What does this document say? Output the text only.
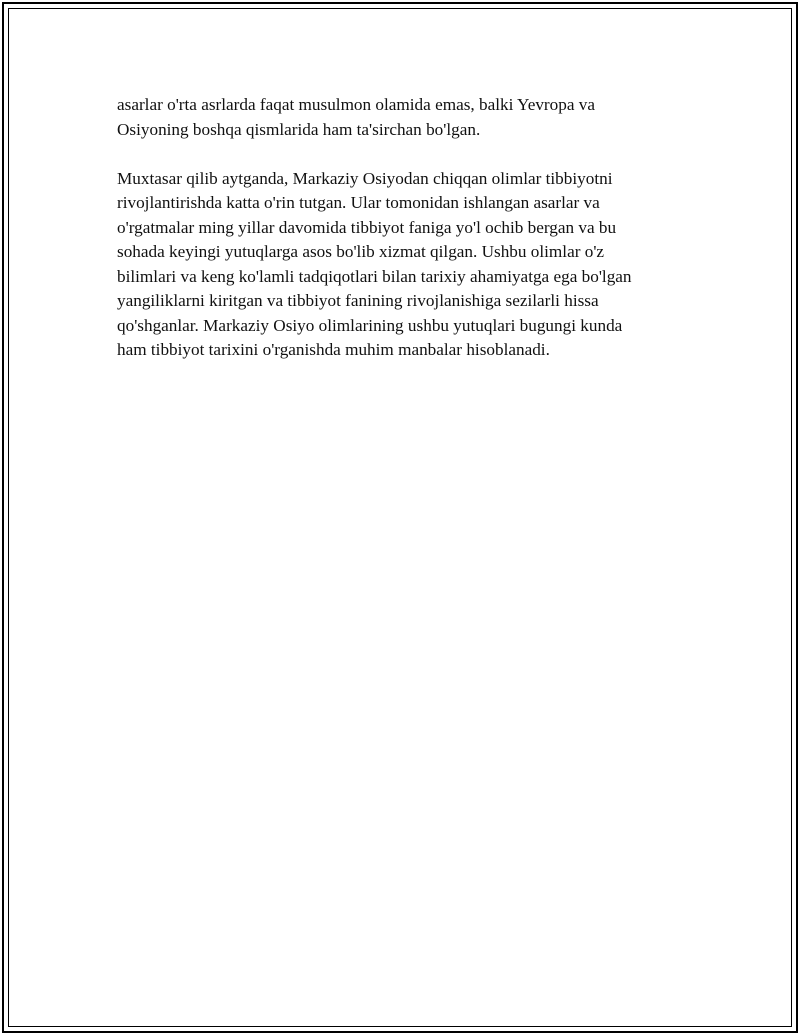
asarlar o'rta asrlarda faqat musulmon olamida emas, balki Yevropa va
Osiyoning boshqa qismlarida ham ta'sirchan bo'lgan.

Muxtasar qilib aytganda, Markaziy Osiyodan chiqqan olimlar tibbiyotni
rivojlantirishda katta o'rin tutgan. Ular tomonidan ishlangan asarlar va
o'rgatmalar ming yillar davomida tibbiyot faniga yo'l ochib bergan va bu
sohada keyingi yutuqlarga asos bo'lib xizmat qilgan. Ushbu olimlar o'z
bilimlari va keng ko'lamli tadqiqotlari bilan tarixiy ahamiyatga ega bo'lgan
yangiliklarni kiritgan va tibbiyot fanining rivojlanishiga sezilarli hissa
qo'shganlar. Markaziy Osiyo olimlarining ushbu yutuqlari bugungi kunda
ham tibbiyot tarixini o'rganishda muhim manbalar hisoblanadi.
